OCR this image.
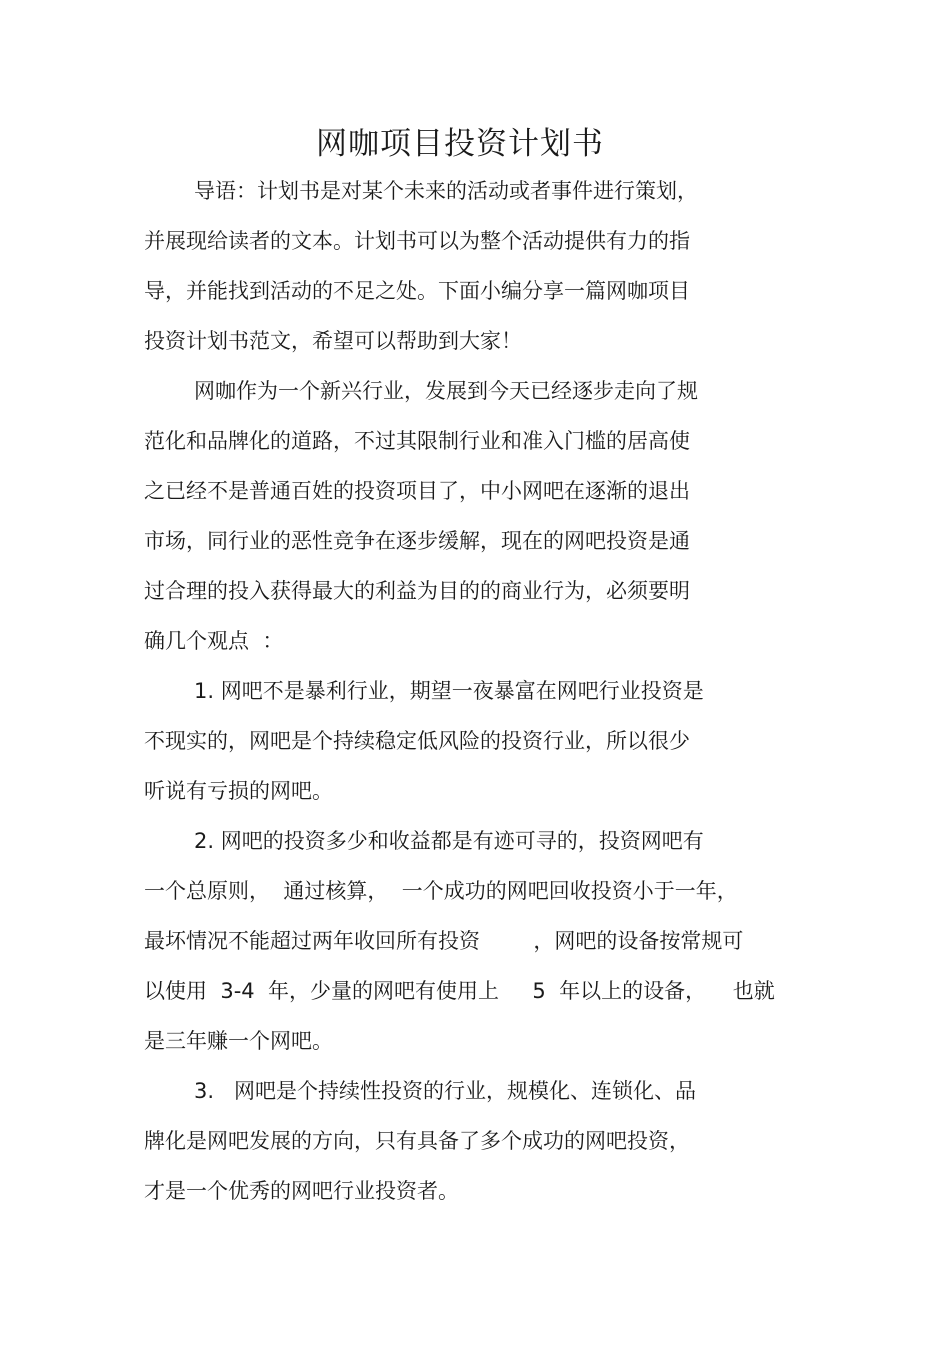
网咖项目投资计划书

导语：计划书是对某个未来的活动或者事件进行策划，

并展现给读者的文本。计划书可以为整个活动提供有力的指

导，并能找到活动的不足之处。下面小编分享一篇网咖项目

投资计划书范文，希望可以帮助到大家！

网咖作为一个新兴行业，发展到今天已经逐步走向了规

范化和品牌化的道路，不过其限制行业和准入门槛的居高使

之已经不是普通百姓的投资项目了，中小网吧在逐渐的退出

市场，同行业的恶性竞争在逐步缓解，现在的网吧投资是通

过合理的投入获得最大的利益为目的的商业行为，必须要明

确几个观点  ：

1. 网吧不是暴利行业，期望一夜暴富在网吧行业投资是

不现实的，网吧是个持续稳定低风险的投资行业，所以很少

听说有亏损的网吧。

2. 网吧的投资多少和收益都是有迹可寻的，投资网吧有

一个总原则，  通过核算，  一个成功的网吧回收投资小于一年，

最坏情况不能超过两年收回所有投资        ，网吧的设备按常规可

以使用  3-4  年，少量的网吧有使用上     5  年以上的设备，    也就

是三年赚一个网吧。

3.   网吧是个持续性投资的行业，规模化、连锁化、品

牌化是网吧发展的方向，只有具备了多个成功的网吧投资，

才是一个优秀的网吧行业投资者。
